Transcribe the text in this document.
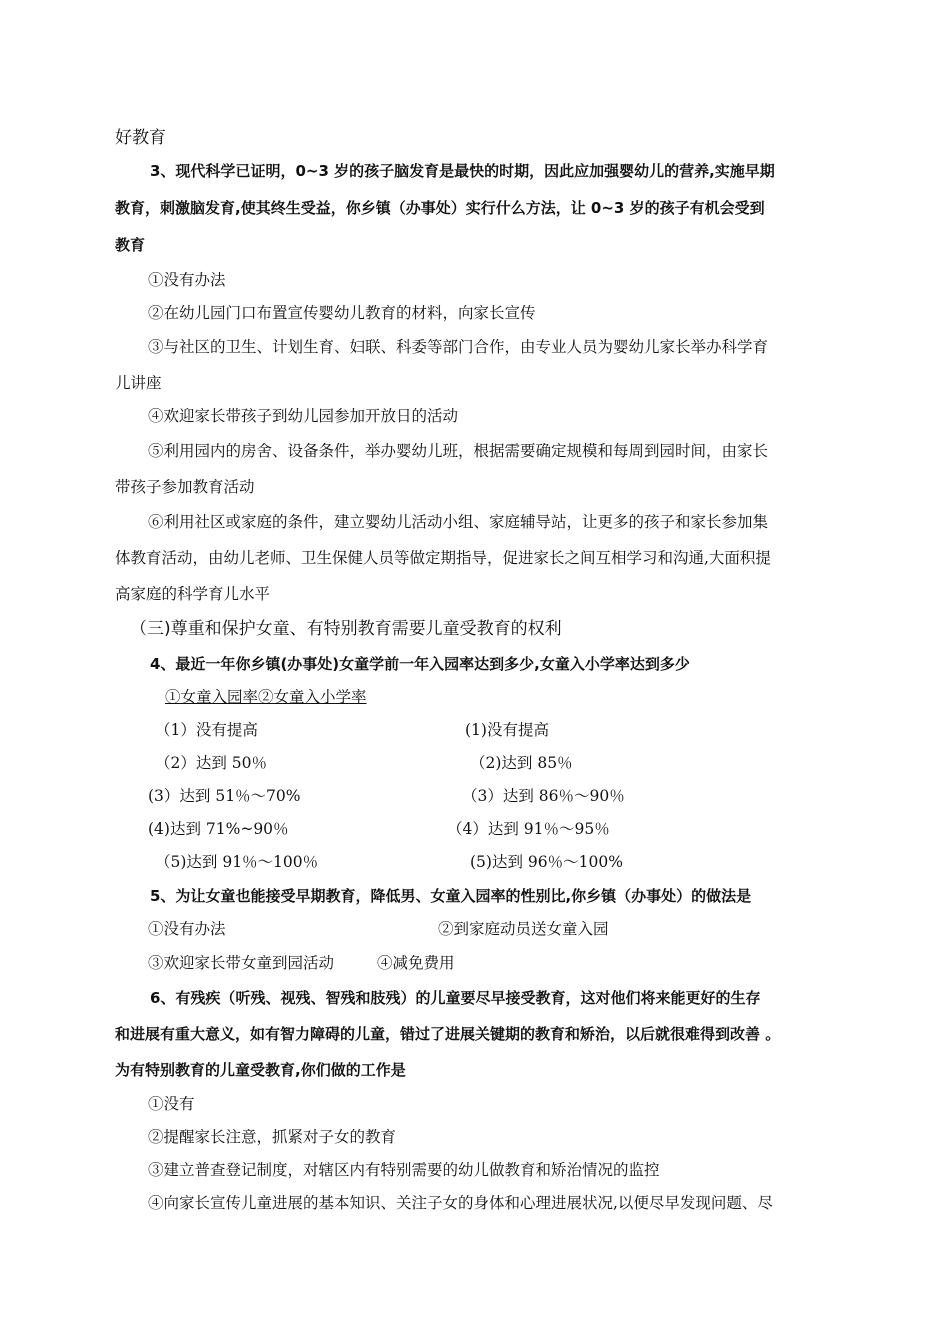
好教育
3、现代科学已证明，0~3 岁的孩子脑发育是最快的时期，因此应加强婴幼儿的营养,实施早期
教育，刺激脑发育,使其终生受益，你乡镇（办事处）实行什么方法，让 0~3 岁的孩子有机会受到
教育
①没有办法
②在幼儿园门口布置宣传婴幼儿教育的材料，向家长宣传
③与社区的卫生、计划生育、妇联、科委等部门合作，由专业人员为婴幼儿家长举办科学育
儿讲座
④欢迎家长带孩子到幼儿园参加开放日的活动
⑤利用园内的房舍、设备条件，举办婴幼儿班，根据需要确定规模和每周到园时间，由家长
带孩子参加教育活动
⑥利用社区或家庭的条件，建立婴幼儿活动小组、家庭辅导站，让更多的孩子和家长参加集
体教育活动，由幼儿老师、卫生保健人员等做定期指导，促进家长之间互相学习和沟通,大面积提
高家庭的科学育儿水平
（三)尊重和保护女童、有特别教育需要儿童受教育的权利
4、最近一年你乡镇(办事处)女童学前一年入园率达到多少,女童入小学率达到多少
①女童入园率②女童入小学率
（1）没有提高
（2）达到 50％
(3）达到 51％～70%
(4)达到 71%~90％
（5)达到 91％～100％
(1)没有提高
（2)达到 85％
（3）达到 86％～90％
（4）达到 91％～95％
(5)达到 96％～100%
5、为让女童也能接受早期教育，降低男、女童入园率的性别比,你乡镇（办事处）的做法是
①没有办法	②到家庭动员送女童入园
③欢迎家长带女童到园活动	④减免费用
6、有残疾（听残、视残、智残和肢残）的儿童要尽早接受教育，这对他们将来能更好的生存
和进展有重大意义，如有智力障碍的儿童，错过了进展关键期的教育和矫治，以后就很难得到改善 。
为有特别教育的儿童受教育,你们做的工作是
①没有
②提醒家长注意，抓紧对子女的教育
③建立普查登记制度，对辖区内有特别需要的幼儿做教育和矫治情况的监控
④向家长宣传儿童进展的基本知识、关注子女的身体和心理进展状况,以便尽早发现问题、尽
